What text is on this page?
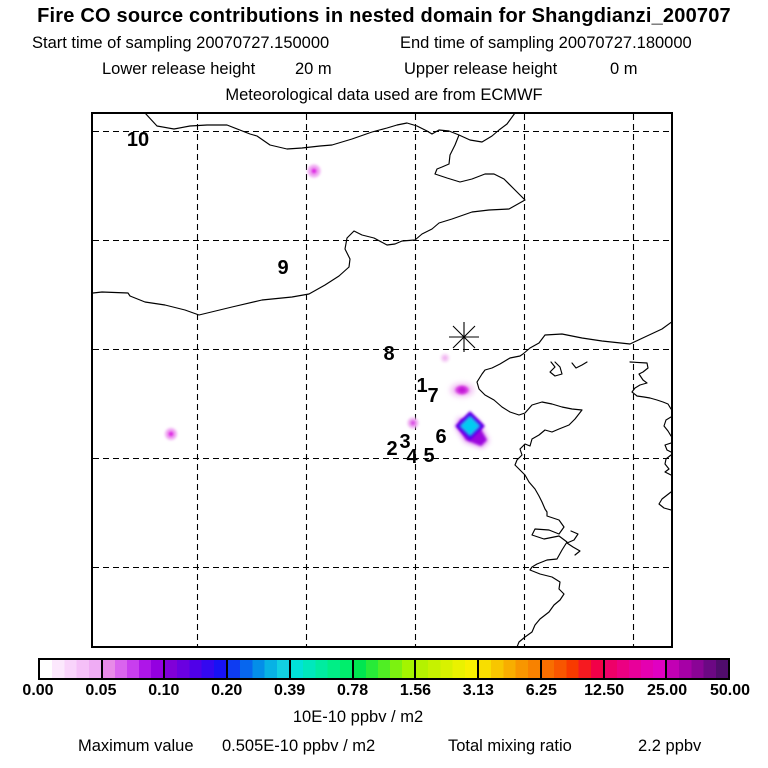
Fire CO source contributions in nested domain for Shangdianzi_200707
Start time of sampling 20070727.150000	End time of sampling 20070727.180000
Lower release height 20 m	Upper release height	0 m
Meteorological data used are from ECMWF
10
9
8
1 7
2 3
4 5
6
0.00 0.05 0.10 0.20 0.39 0.78 1.56 3.13 6.25 12.50 25.00 50.00
10E-10 ppbv / m2
Maximum value 0.505E-10 ppbv / m2	Total mixing ratio	2.2 ppbv
